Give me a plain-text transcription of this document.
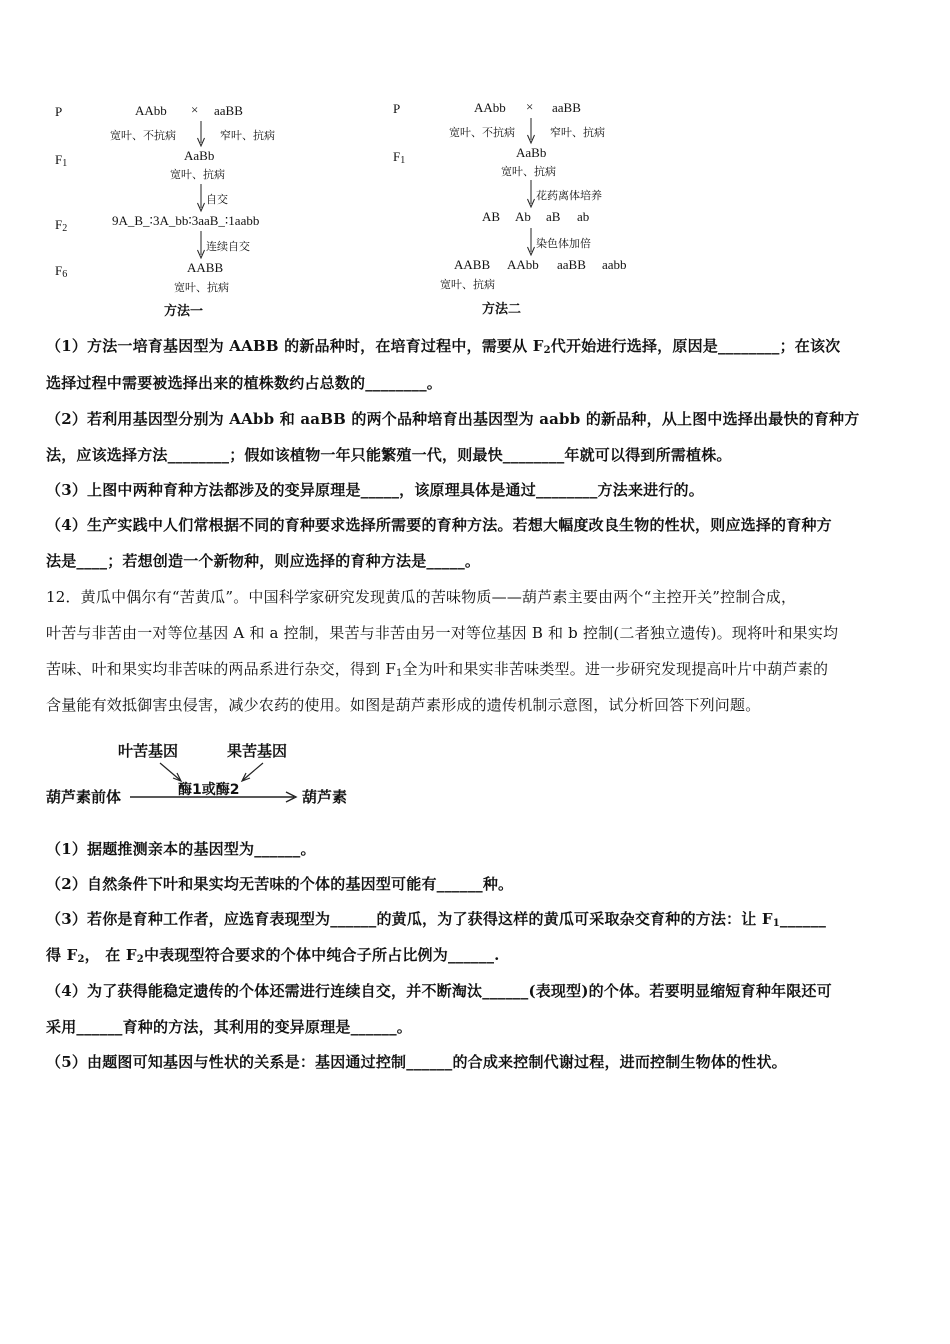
P	AAbb × aaBB
宽叶、不抗病	窄叶、抗病
$F_1$
AaBb
宽叶、抗病
自交
$F_2$
9A_B_∶3A_bb∶3aaB_∶1aabb
连续自交
$F_6$	AABB
宽叶、抗病
方法一
P	AAbb × aaBB
宽叶、不抗病	窄叶、抗病
$F_1$
AaBb
宽叶、抗病
花药离体培养
AB Ab aB ab
染色体加倍
AABB AAbb aaBB aabb
宽叶、抗病
方法二
（1）方法一培育基因型为 AABB 的新品种时，在培育过程中，需要从 $F_2$代开始进行选择，原因是________；在该次
选择过程中需要被选择出来的植株数约占总数的________。
（2）若利用基因型分别为 AAbb 和 aaBB 的两个品种培育出基因型为 aabb 的新品种，从上图中选择出最快的育种方
法，应该选择方法________；假如该植物一年只能繁殖一代，则最快________年就可以得到所需植株。
（3）上图中两种育种方法都涉及的变异原理是_____，该原理具体是通过________方法来进行的。
（4）生产实践中人们常根据不同的育种要求选择所需要的育种方法。若想大幅度改良生物的性状，则应选择的育种方
法是____；若想创造一个新物种，则应选择的育种方法是_____。
12．黄瓜中偶尔有“苦黄瓜”。中国科学家研究发现黄瓜的苦味物质——葫芦素主要由两个“主控开关”控制合成，
叶苦与非苦由一对等位基因 A 和 a 控制，果苦与非苦由另一对等位基因 B 和 b 控制(二者独立遗传)。现将叶和果实均
苦味、叶和果实均非苦味的两品系进行杂交，得到 $F_1$全为叶和果实非苦味类型。进一步研究发现提高叶片中葫芦素的
含量能有效抵御害虫侵害，减少农药的使用。如图是葫芦素形成的遗传机制示意图，试分析回答下列问题。
叶苦基因	果苦基因
酶1或酶2
葫芦素前体	葫芦素
（1）据题推测亲本的基因型为______。
（2）自然条件下叶和果实均无苦味的个体的基因型可能有______种。
（3）若你是育种工作者，应选育表现型为______的黄瓜，为了获得这样的黄瓜可采取杂交育种的方法：让 $F_1\_\_\_\_\_\_$
得 $F_2$， 在 $F_2$中表现型符合要求的个体中纯合子所占比例为______.
（4）为了获得能稳定遗传的个体还需进行连续自交，并不断淘汰______(表现型)的个体。若要明显缩短育种年限还可
采用______育种的方法，其利用的变异原理是______。
（5）由题图可知基因与性状的关系是：基因通过控制______的合成来控制代谢过程，进而控制生物体的性状。
